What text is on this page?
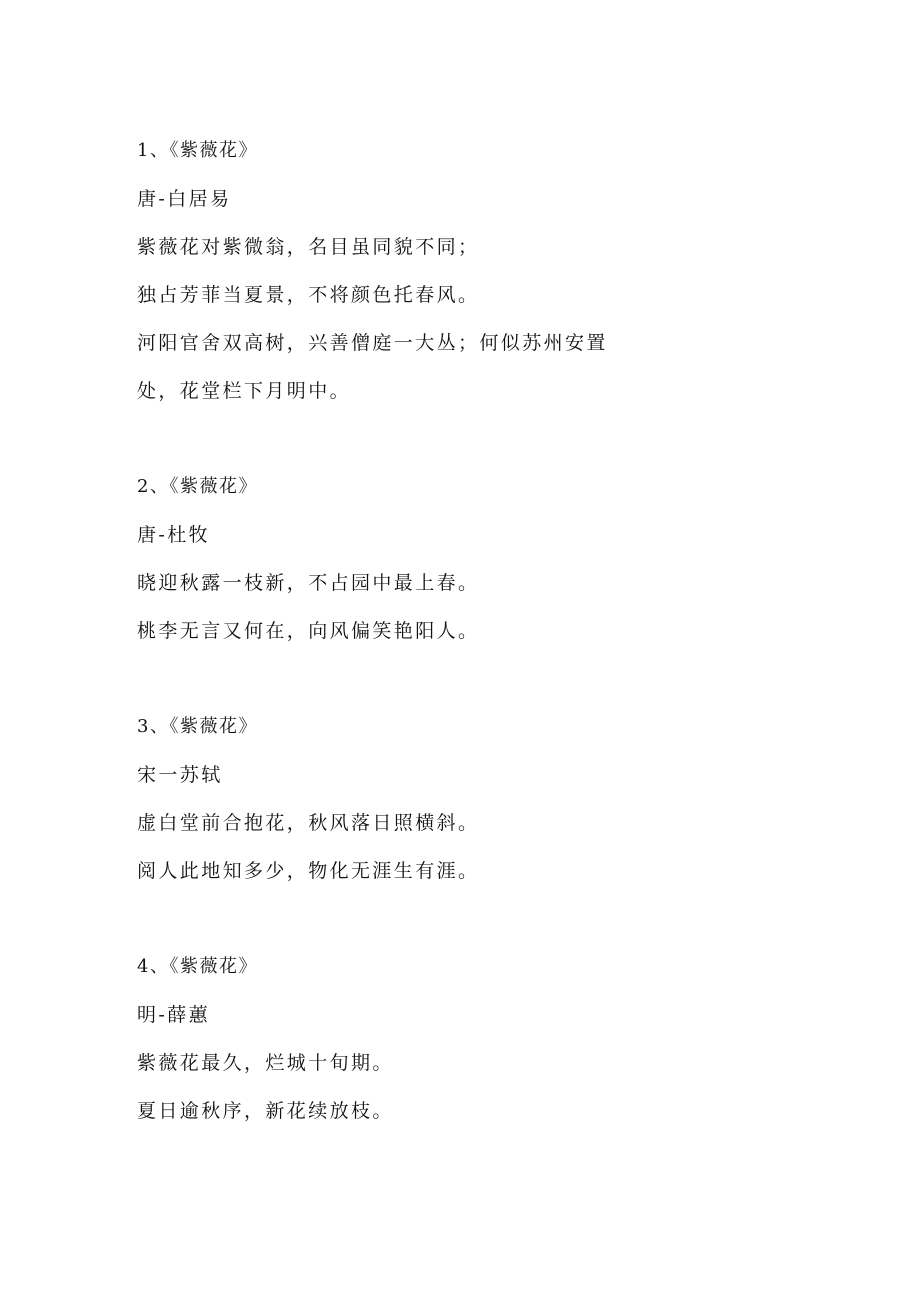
1、《紫薇花》
唐-白居易
紫薇花对紫微翁，名目虽同貌不同；
独占芳菲当夏景，不将颜色托春风。
河阳官舍双高树，兴善僧庭一大丛；何似苏州安置
处，花堂栏下月明中。
2、《紫薇花》
唐-杜牧
晓迎秋露一枝新，不占园中最上春。
桃李无言又何在，向风偏笑艳阳人。
3、《紫薇花》
宋一苏轼
虚白堂前合抱花，秋风落日照横斜。
阅人此地知多少，物化无涯生有涯。
4、《紫薇花》
明-薛蕙
紫薇花最久，烂城十旬期。
夏日逾秋序，新花续放枝。
